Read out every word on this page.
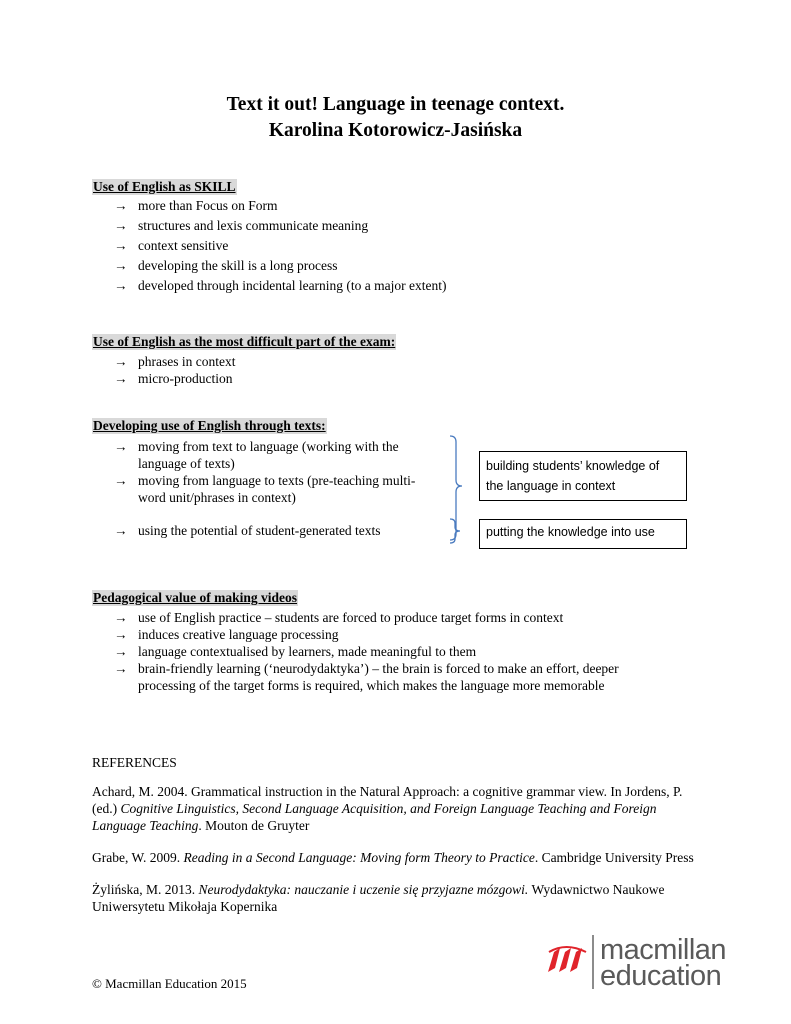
Text it out! Language in teenage context.
Karolina Kotorowicz-Jasińska
Use of English as SKILL
→ more than Focus on Form
→ structures and lexis communicate meaning
→ context sensitive
→ developing the skill is a long process
→ developed through incidental learning (to a major extent)
Use of English as the most difficult part of the exam:
→ phrases in context
→ micro-production
Developing use of English through texts:
→ moving from text to language (working with the language of texts)
→ moving from language to texts (pre-teaching multi-word unit/phrases in context)
→ using the potential of student-generated texts
building students’ knowledge of the language in context
putting the knowledge into use
Pedagogical value of making videos
→ use of English practice – students are forced to produce target forms in context
→ induces creative language processing
→ language contextualised by learners, made meaningful to them
→ brain-friendly learning (‘neurodydaktyka’) – the brain is forced to make an effort, deeper processing of the target forms is required, which makes the language more memorable
REFERENCES

Achard, M. 2004. Grammatical instruction in the Natural Approach: a cognitive grammar view. In Jordens, P. (ed.) Cognitive Linguistics, Second Language Acquisition, and Foreign Language Teaching and Foreign Language Teaching. Mouton de Gruyter

Grabe, W. 2009. Reading in a Second Language: Moving form Theory to Practice. Cambridge University Press

Żylińska, M. 2013. Neurodydaktyka: nauczanie i uczenie się przyjazne mózgowi. Wydawnictwo Naukowe Uniwersytetu Mikołaja Kopernika

© Macmillan Education 2015
macmillan
education
